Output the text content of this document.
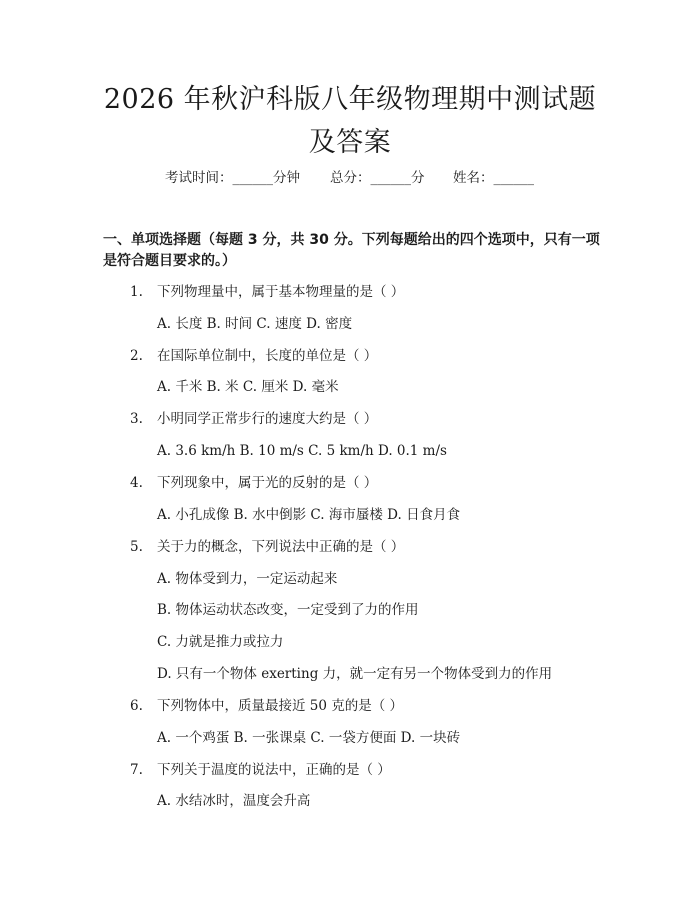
2026 年秋沪科版八年级物理期中测试题及答案
考试时间：______分钟 总分：______分 姓名：______
一、单项选择题（每题 3 分，共 30 分。下列每题给出的四个选项中，只有一项是符合题目要求的。）
1. 下列物理量中，属于基本物理量的是（ ）
A. 长度 B. 时间 C. 速度 D. 密度
2. 在国际单位制中，长度的单位是（ ）
A. 千米 B. 米 C. 厘米 D. 毫米
3. 小明同学正常步行的速度大约是（ ）
A. 3.6 km/h B. 10 m/s C. 5 km/h D. 0.1 m/s
4. 下列现象中，属于光的反射的是（ ）
A. 小孔成像 B. 水中倒影 C. 海市蜃楼 D. 日食月食
5. 关于力的概念，下列说法中正确的是（ ）
A. 物体受到力，一定运动起来
B. 物体运动状态改变，一定受到了力的作用
C. 力就是推力或拉力
D. 只有一个物体 exerting 力，就一定有另一个物体受到力的作用
6. 下列物体中，质量最接近 50 克的是（ ）
A. 一个鸡蛋 B. 一张课桌 C. 一袋方便面 D. 一块砖
7. 下列关于温度的说法中，正确的是（ ）
A. 水结冰时，温度会升高
